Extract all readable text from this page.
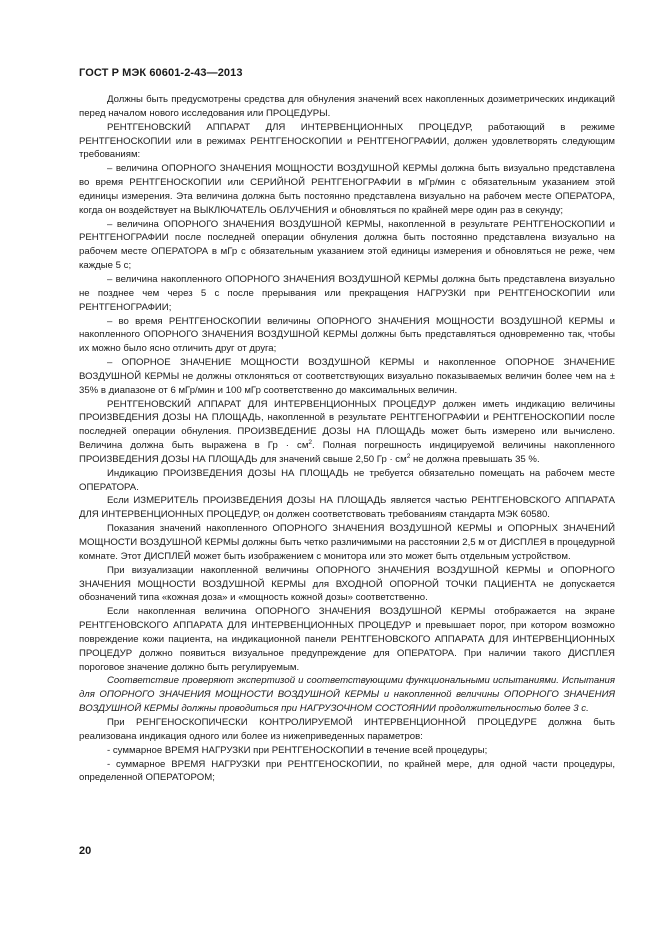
ГОСТ Р МЭК 60601-2-43—2013

Должны быть предусмотрены средства для обнуления значений всех накопленных дозиметрических индикаций перед началом нового исследования или ПРОЦЕДУРЫ.

РЕНТГЕНОВСКИЙ АППАРАТ ДЛЯ ИНТЕРВЕНЦИОННЫХ ПРОЦЕДУР, работающий в режиме РЕНТГЕНОСКОПИИ или в режимах РЕНТГЕНОСКОПИИ и РЕНТГЕНОГРАФИИ, должен удовлетворять следующим требованиям:

– величина ОПОРНОГО ЗНАЧЕНИЯ МОЩНОСТИ ВОЗДУШНОЙ КЕРМЫ должна быть визуально представлена во время РЕНТГЕНОСКОПИИ или СЕРИЙНОЙ РЕНТГЕНОГРАФИИ в мГр/мин с обязательным указанием этой единицы измерения. Эта величина должна быть постоянно представлена визуально на рабочем месте ОПЕРАТОРА, когда он воздействует на ВЫКЛЮЧАТЕЛЬ ОБЛУЧЕНИЯ и обновляться по крайней мере один раз в секунду;

– величина ОПОРНОГО ЗНАЧЕНИЯ ВОЗДУШНОЙ КЕРМЫ, накопленной в результате РЕНТГЕНОСКОПИИ и РЕНТГЕНОГРАФИИ после последней операции обнуления должна быть постоянно представлена визуально на рабочем месте ОПЕРАТОРА в мГр с обязательным указанием этой единицы измерения и обновляться не реже, чем каждые 5 с;

– величина накопленного ОПОРНОГО ЗНАЧЕНИЯ ВОЗДУШНОЙ КЕРМЫ должна быть представлена визуально не позднее чем через 5 с после прерывания или прекращения НАГРУЗКИ при РЕНТГЕНОСКОПИИ или РЕНТГЕНОГРАФИИ;

– во время РЕНТГЕНОСКОПИИ величины ОПОРНОГО ЗНАЧЕНИЯ МОЩНОСТИ ВОЗДУШНОЙ КЕРМЫ и накопленного ОПОРНОГО ЗНАЧЕНИЯ ВОЗДУШНОЙ КЕРМЫ должны быть представляться одновременно так, чтобы их можно было ясно отличить друг от друга;

– ОПОРНОЕ ЗНАЧЕНИЕ МОЩНОСТИ ВОЗДУШНОЙ КЕРМЫ и накопленное ОПОРНОЕ ЗНАЧЕНИЕ ВОЗДУШНОЙ КЕРМЫ не должны отклоняться от соответствующих визуально показываемых величин более чем на ± 35% в диапазоне от 6 мГр/мин и 100 мГр соответственно до максимальных величин.

РЕНТГЕНОВСКИЙ АППАРАТ ДЛЯ ИНТЕРВЕНЦИОННЫХ ПРОЦЕДУР должен иметь индикацию величины ПРОИЗВЕДЕНИЯ ДОЗЫ НА ПЛОЩАДЬ, накопленной в результате РЕНТГЕНОГРАФИИ и РЕНТГЕНОСКОПИИ после последней операции обнуления. ПРОИЗВЕДЕНИЕ ДОЗЫ НА ПЛОЩАДЬ может быть измерено или вычислено. Величина должна быть выражена в Гр · $см^2$. Полная погрешность индицируемой величины накопленного ПРОИЗВЕДЕНИЯ ДОЗЫ НА ПЛОЩАДЬ для значений свыше 2,50 Гр · $см^2$ не должна превышать 35 %.

Индикацию ПРОИЗВЕДЕНИЯ ДОЗЫ НА ПЛОЩАДЬ не требуется обязательно помещать на рабочем месте ОПЕРАТОРА.

Если ИЗМЕРИТЕЛЬ ПРОИЗВЕДЕНИЯ ДОЗЫ НА ПЛОЩАДЬ является частью РЕНТГЕНОВСКОГО АППАРАТА ДЛЯ ИНТЕРВЕНЦИОННЫХ ПРОЦЕДУР, он должен соответствовать требованиям стандарта МЭК 60580.

Показания значений накопленного ОПОРНОГО ЗНАЧЕНИЯ ВОЗДУШНОЙ КЕРМЫ и ОПОРНЫХ ЗНАЧЕНИЙ МОЩНОСТИ ВОЗДУШНОЙ КЕРМЫ должны быть четко различимыми на расстоянии 2,5 м от ДИСПЛЕЯ в процедурной комнате. Этот ДИСПЛЕЙ может быть изображением с монитора или это может быть отдельным устройством.

При визуализации накопленной величины ОПОРНОГО ЗНАЧЕНИЯ ВОЗДУШНОЙ КЕРМЫ и ОПОРНОГО ЗНАЧЕНИЯ МОЩНОСТИ ВОЗДУШНОЙ КЕРМЫ для ВХОДНОЙ ОПОРНОЙ ТОЧКИ ПАЦИЕНТА не допускается обозначений типа «кожная доза» и «мощность кожной дозы» соответственно.

Если накопленная величина ОПОРНОГО ЗНАЧЕНИЯ ВОЗДУШНОЙ КЕРМЫ отображается на экране РЕНТГЕНОВСКОГО АППАРАТА ДЛЯ ИНТЕРВЕНЦИОННЫХ ПРОЦЕДУР и превышает порог, при котором возможно повреждение кожи пациента, на индикационной панели РЕНТГЕНОВСКОГО АППАРАТА ДЛЯ ИНТЕРВЕНЦИОННЫХ ПРОЦЕДУР должно появиться визуальное предупреждение для ОПЕРАТОРА. При наличии такого ДИСПЛЕЯ пороговое значение должно быть регулируемым.

Соответствие проверяют экспертизой и соответствующими функциональными испытаниями. Испытания для ОПОРНОГО ЗНАЧЕНИЯ МОЩНОСТИ ВОЗДУШНОЙ КЕРМЫ и накопленной величины ОПОРНОГО ЗНАЧЕНИЯ ВОЗДУШНОЙ КЕРМЫ должны проводиться при НАГРУЗОЧНОМ СОСТОЯНИИ продолжительностью более 3 с.

При РЕНГЕНОСКОПИЧЕСКИ КОНТРОЛИРУЕМОЙ ИНТЕРВЕНЦИОННОЙ ПРОЦЕДУРЕ должна быть реализована индикация одного или более из нижеприведенных параметров:

- суммарное ВРЕМЯ НАГРУЗКИ при РЕНТГЕНОСКОПИИ в течение всей процедуры;

- суммарное ВРЕМЯ НАГРУЗКИ при РЕНТГЕНОСКОПИИ, по крайней мере, для одной части процедуры, определенной ОПЕРАТОРОМ;

20
